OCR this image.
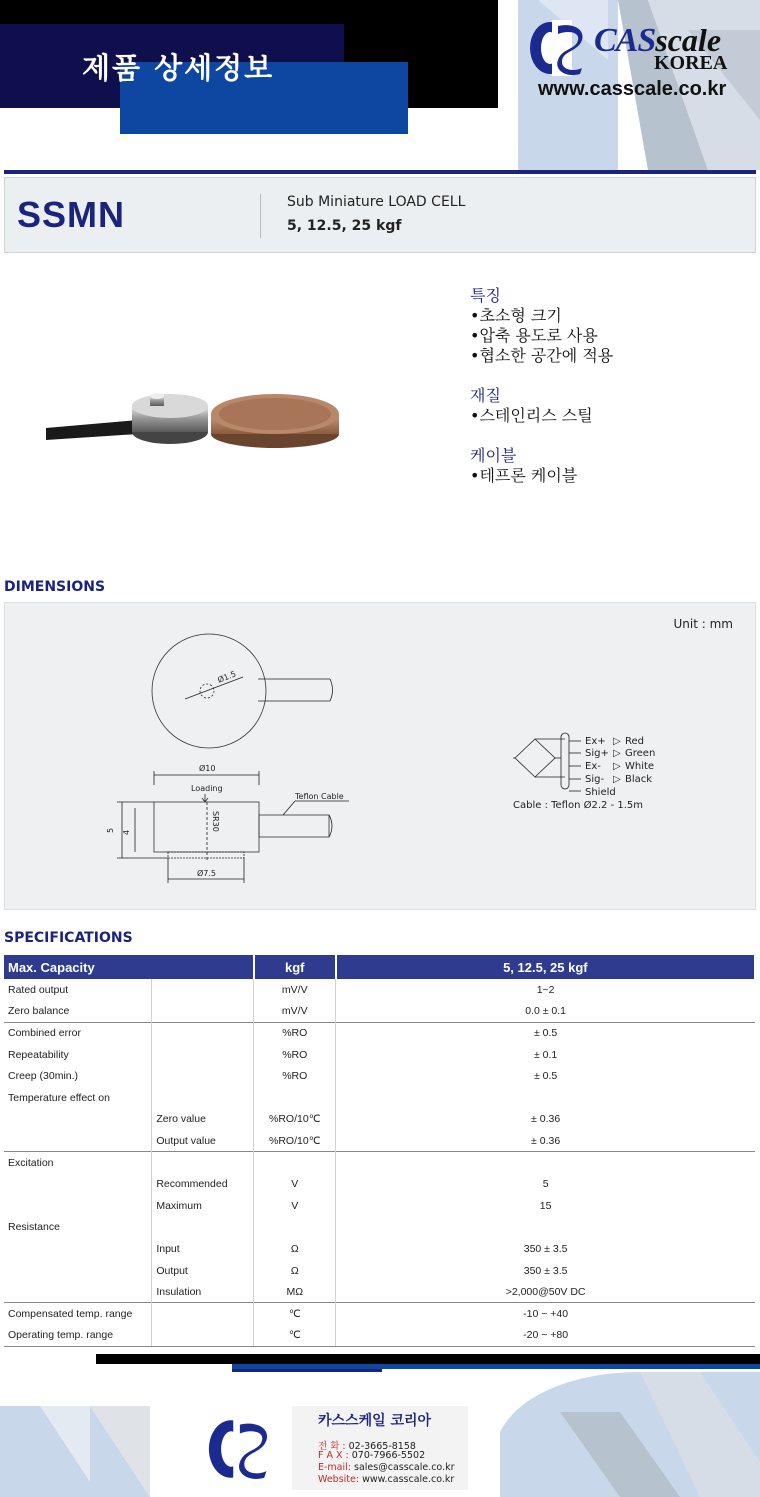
제품 상세정보
CASscale
KOREA
www.casscale.co.kr
SSMN	Sub Miniature LOAD CELL
5, 12.5, 25 kgf
특징
•초소형 크기
•압축 용도로 사용
•협소한 공간에 적용
재질
•스테인리스 스틸
케이블
•테프론 케이블
DIMENSIONS
Unit : mm
Ø1.5
Ø10
Loading
SR30
Teflon Cable
5 4
Ø7.5
Ex+
Sig+
Ex-
Sig-
Shield
▷
▷
▷
▷
Red
Green
White
Black
Cable : Teflon Ø2.2 - 1.5m
SPECIFICATIONS
Max. Capacity		kgf	5, 12.5, 25 kgf
Rated output		mV/V	1~2
Zero balance		mV/V	0.0 ± 0.1
Combined error		%RO	± 0.5
Repeatability		%RO	± 0.1
Creep (30min.)		%RO	± 0.5
Temperature effect on			
	Zero value	%RO/10℃	± 0.36
	Output value	%RO/10℃	± 0.36
Excitation			
	Recommended	V	5
	Maximum	V	15
Resistance			
	Input	Ω	350 ± 3.5
	Output	Ω	350 ± 3.5
	Insulation	MΩ	>2,000@50V DC
Compensated temp. range		℃	-10 ~ +40
Operating temp. range		℃	-20 ~ +80
카스스케일 코리아
전 화 : 02-3665-8158
F A X : 070-7966-5502
E-mail: sales@casscale.co.kr
Website: www.casscale.co.kr
